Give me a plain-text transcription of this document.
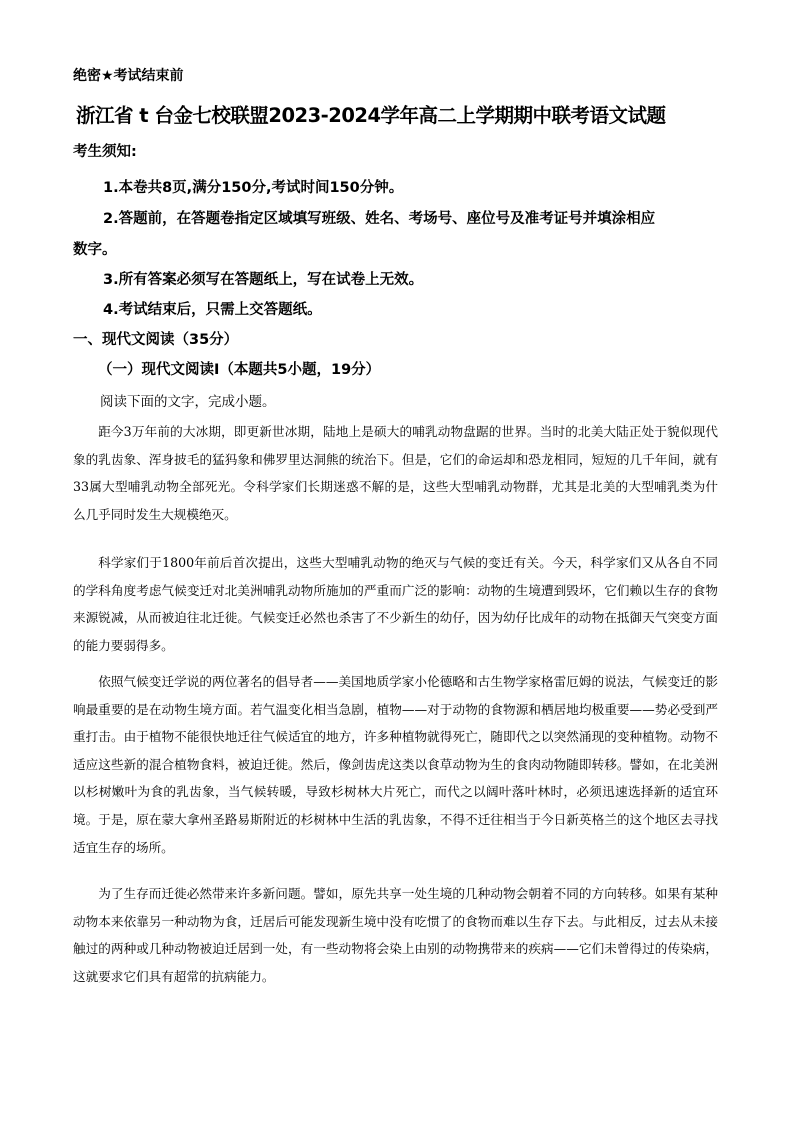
绝密★考试结束前
浙江省 t 台金七校联盟2023-2024学年高二上学期期中联考语文试题
考生须知:
1.本卷共8页,满分150分,考试时间150分钟。
2.答题前，在答题卷指定区域填写班级、姓名、考场号、座位号及准考证号并填涂相应
数字。
3.所有答案必须写在答题纸上，写在试卷上无效。
4.考试结束后，只需上交答题纸。
一、现代文阅读（35分）
（一）现代文阅读Ⅰ（本题共5小题，19分）
阅读下面的文字，完成小题。

距今3万年前的大冰期，即更新世冰期，陆地上是硕大的哺乳动物盘踞的世界。当时的北美大陆正处于貌似现代象的乳齿象、浑身披毛的猛犸象和佛罗里达洞熊的统治下。但是，它们的命运却和恐龙相同，短短的几千年间，就有33属大型哺乳动物全部死光。令科学家们长期迷惑不解的是，这些大型哺乳动物群，尤其是北美的大型哺乳类为什么几乎同时发生大规模绝灭。

科学家们于1800年前后首次提出，这些大型哺乳动物的绝灭与气候的变迁有关。今天，科学家们又从各自不同的学科角度考虑气候变迁对北美洲哺乳动物所施加的严重而广泛的影响：动物的生境遭到毁坏，它们赖以生存的食物来源锐减，从而被迫往北迁徙。气候变迁必然也杀害了不少新生的幼仔，因为幼仔比成年的动物在抵御天气突变方面的能力要弱得多。

依照气候变迁学说的两位著名的倡导者——美国地质学家小伦德略和古生物学家格雷厄姆的说法，气候变迁的影响最重要的是在动物生境方面。若气温变化相当急剧，植物——对于动物的食物源和栖居地均极重要——势必受到严重打击。由于植物不能很快地迁往气候适宜的地方，许多种植物就得死亡，随即代之以突然涌现的变种植物。动物不适应这些新的混合植物食料，被迫迁徙。然后，像剑齿虎这类以食草动物为生的食肉动物随即转移。譬如，在北美洲以杉树嫩叶为食的乳齿象，当气候转暖，导致杉树林大片死亡，而代之以阔叶落叶林时，必须迅速选择新的适宜环境。于是，原在蒙大拿州圣路易斯附近的杉树林中生活的乳齿象，不得不迁往相当于今日新英格兰的这个地区去寻找适宜生存的场所。

为了生存而迁徙必然带来许多新问题。譬如，原先共享一处生境的几种动物会朝着不同的方向转移。如果有某种动物本来依靠另一种动物为食，迁居后可能发现新生境中没有吃惯了的食物而难以生存下去。与此相反，过去从未接触过的两种或几种动物被迫迁居到一处，有一些动物将会染上由别的动物携带来的疾病——它们未曾得过的传染病，这就要求它们具有超常的抗病能力。
